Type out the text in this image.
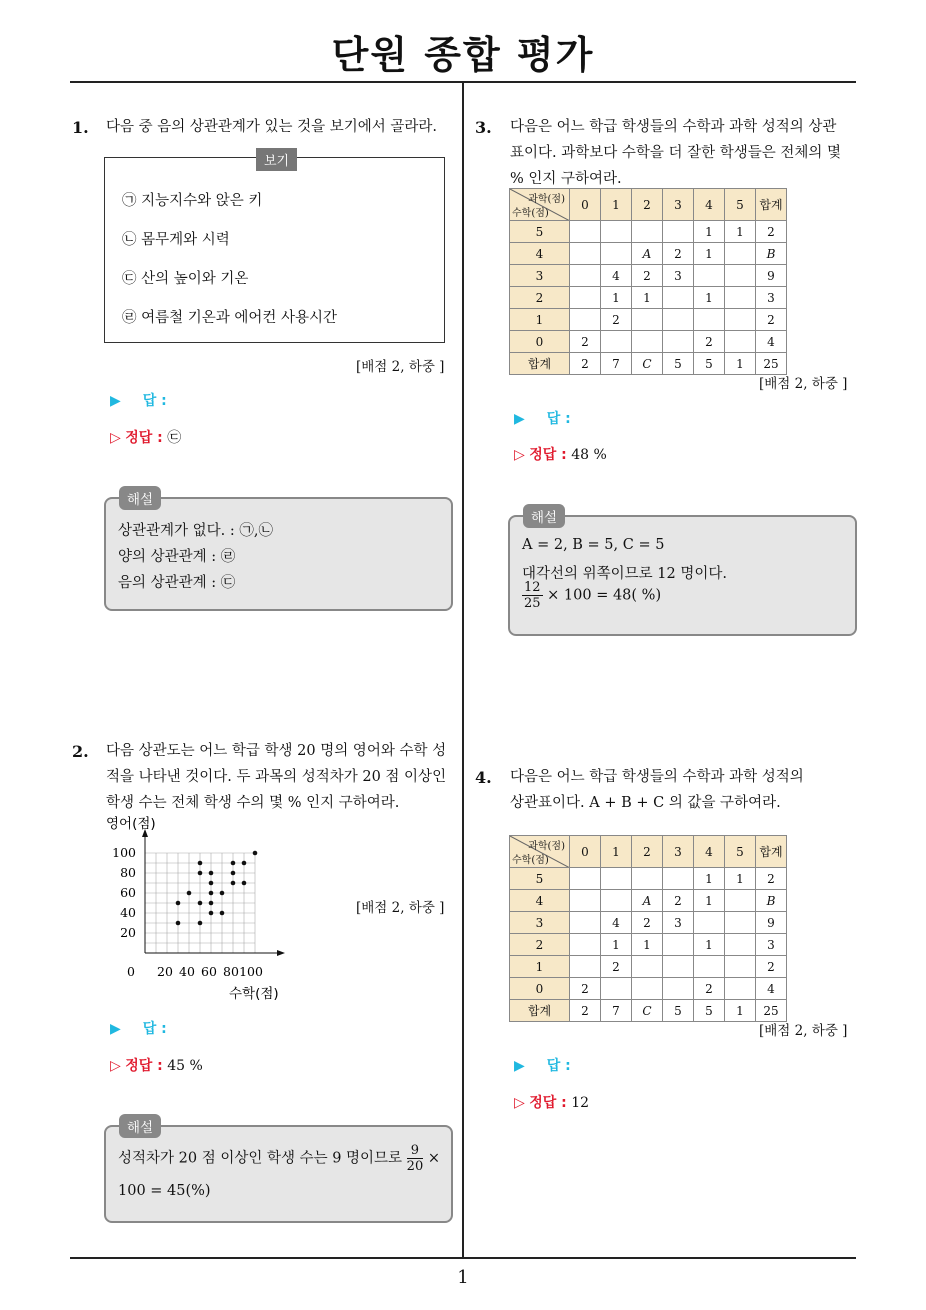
단원 종합 평가
1
1. 다음 중 음의 상관관계가 있는 것을 보기에서 골라라.
보기
㉠ 지능지수와 앉은 키
㉡ 몸무게와 시력
㉢ 산의 높이와 기온
㉣ 여름철 기온과 에어컨 사용시간
[배점 2, 하중 ]
▶ 답 :
▷ 정답 : ㉢
해설
상관관계가 없다. : ㉠,㉡
양의 상관관계 : ㉣
음의 상관관계 : ㉢
2. 다음 상관도는 어느 학급 학생 20 명의 영어와 수학 성
적을 나타낸 것이다. 두 과목의 성적차가 20 점 이상인
학생 수는 전체 학생 수의 몇 % 인지 구하여라.
100
80
60
40
20
0 20 40 60 80 100
영어(점)
수학(점)
[배점 2, 하중 ]
▶ 답 :
▷ 정답 : 45 %
해설
성적차가 20 점 이상인 학생 수는 9 명이므로 $\frac{9}{20}$ ×
100 = 45(%)
3. 다음은 어느 학급 학생들의 수학과 과학 성적의 상관
표이다. 과학보다 수학을 더 잘한 학생들은 전체의 몇
% 인지 구하여라.
과학(점)
수학(점)	0	1	2	3	4	5	합계
5					1	1	2
4			A	2	1		B
3		4	2	3			9
2		1	1		1		3
1		2					2
0	2				2		4
합계	2	7	C	5	5	1	25
[배점 2, 하중 ]
▶ 답 :
▷ 정답 : 48 %
해설
A = 2, B = 5, C = 5
대각선의 위쪽이므로 12 명이다.
$\frac{12}{25} \times 100 = 48$( %)
4. 다음은 어느 학급 학생들의 수학과 과학 성적의
상관표이다. A + B + C 의 값을 구하여라.
과학(점)
수학(점)	0	1	2	3	4	5	합계
5					1	1	2
4			A	2	1		B
3		4	2	3			9
2		1	1		1		3
1		2					2
0	2				2		4
합계	2	7	C	5	5	1	25
[배점 2, 하중 ]
▶ 답 :
▷ 정답 : 12
